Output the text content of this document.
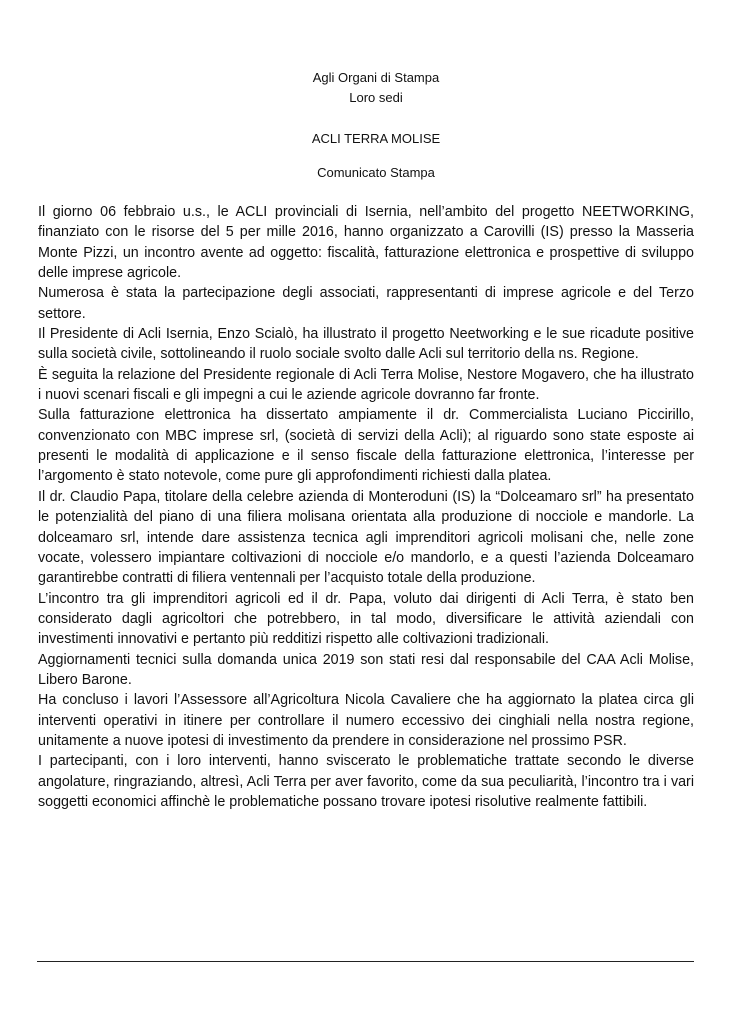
Agli Organi di Stampa
Loro sedi
ACLI TERRA MOLISE
Comunicato Stampa

Il giorno 06 febbraio u.s., le ACLI provinciali di Isernia, nell’ambito del progetto NEETWORKING, finanziato con le risorse del 5 per mille 2016, hanno organizzato a Carovilli (IS) presso la Masseria Monte Pizzi, un incontro avente ad oggetto: fiscalità, fatturazione elettronica e prospettive di sviluppo delle imprese agricole.

Numerosa è stata la partecipazione degli associati, rappresentanti di imprese agricole e del Terzo settore.

Il Presidente di Acli Isernia, Enzo Scialò, ha illustrato il progetto Neetworking e le sue ricadute positive sulla società civile, sottolineando il ruolo sociale svolto dalle Acli sul territorio della ns. Regione.

È seguita la relazione del Presidente regionale di Acli Terra Molise, Nestore Mogavero, che ha illustrato i nuovi scenari fiscali e gli impegni a cui le aziende agricole dovranno far fronte.

Sulla fatturazione elettronica ha dissertato ampiamente il dr. Commercialista Luciano Piccirillo, convenzionato con MBC imprese srl, (società di servizi della Acli); al riguardo sono state esposte ai presenti le modalità di applicazione e il senso fiscale della fatturazione elettronica, l’interesse per l’argomento è stato notevole, come pure gli approfondimenti richiesti dalla platea.

Il dr. Claudio Papa, titolare della celebre azienda di Monteroduni (IS) la “Dolceamaro srl” ha presentato le potenzialità del piano di una filiera molisana orientata alla produzione di nocciole e mandorle. La dolceamaro srl, intende dare assistenza tecnica agli imprenditori agricoli molisani che, nelle zone vocate, volessero impiantare coltivazioni di nocciole e/o mandorlo, e a questi l’azienda Dolceamaro garantirebbe contratti di filiera ventennali per l’acquisto totale della produzione.

L’incontro tra gli imprenditori agricoli ed il dr. Papa, voluto dai dirigenti di Acli Terra, è stato ben considerato dagli agricoltori che potrebbero, in tal modo, diversificare le attività aziendali con investimenti innovativi e pertanto più redditizi rispetto alle coltivazioni tradizionali.

Aggiornamenti tecnici sulla domanda unica 2019 son stati resi dal responsabile del CAA Acli Molise, Libero Barone.

Ha concluso i lavori l’Assessore all’Agricoltura Nicola Cavaliere che ha aggiornato la platea circa gli interventi operativi in itinere per controllare il numero eccessivo dei cinghiali nella nostra regione, unitamente a nuove ipotesi di investimento da prendere in considerazione nel prossimo PSR.

I partecipanti, con i loro interventi, hanno sviscerato le problematiche trattate secondo le diverse angolature, ringraziando, altresì, Acli Terra per aver favorito, come da sua peculiarità, l’incontro tra i vari soggetti economici affinchè le problematiche possano trovare ipotesi risolutive realmente fattibili.
